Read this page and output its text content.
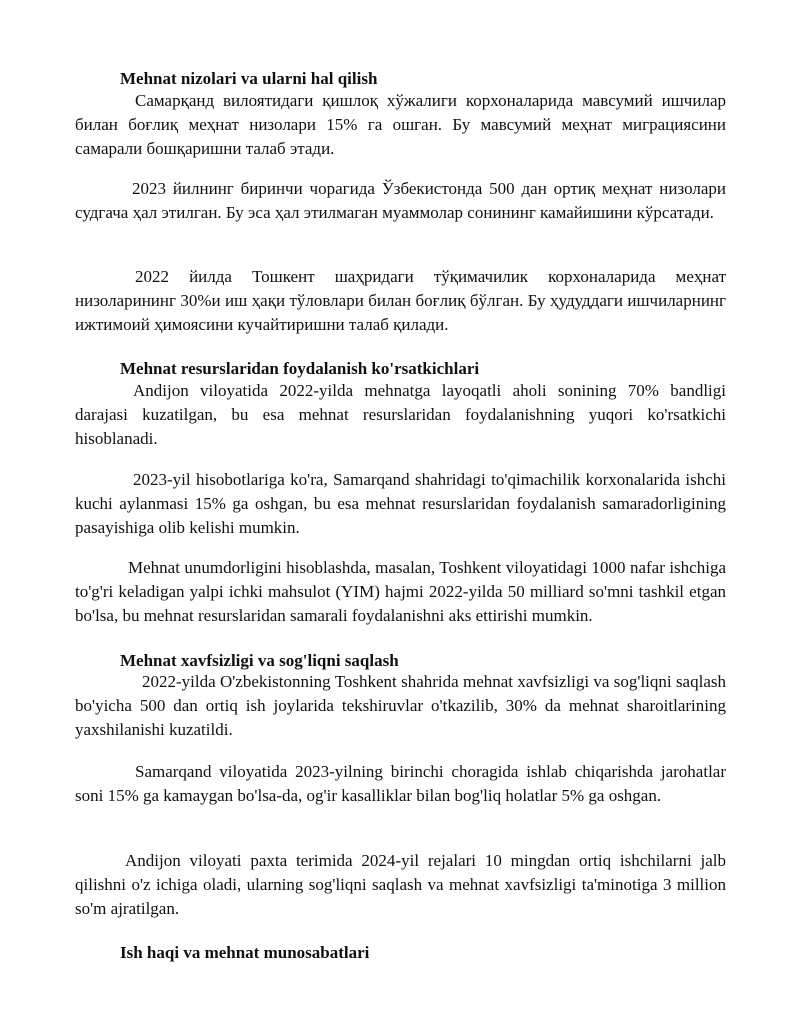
Mehnat nizolari va ularni hal qilish

Самарқанд вилоятидаги қишлоқ хўжалиги корхоналарида мавсумий ишчилар билан боғлиқ меҳнат низолари 15% га ошган. Бу мавсумий меҳнат миграциясини самарали бошқаришни талаб этади.

2023 йилнинг биринчи чорагида Ўзбекистонда 500 дан ортиқ меҳнат низолари судгача ҳал этилган. Бу эса ҳал этилмаган муаммолар сонининг камайишини кўрсатади.

2022 йилда Тошкент шаҳридаги тўқимачилик корхоналарида меҳнат низоларининг 30%и иш ҳақи тўловлари билан боғлиқ бўлган. Бу ҳудуддаги ишчиларнинг ижтимоий ҳимоясини кучайтиришни талаб қилади.

Mehnat resurslaridan foydalanish ko'rsatkichlari

Andijon viloyatida 2022-yilda mehnatga layoqatli aholi sonining 70% bandligi darajasi kuzatilgan, bu esa mehnat resurslaridan foydalanishning yuqori ko'rsatkichi hisoblanadi.

2023-yil hisobotlariga ko'ra, Samarqand shahridagi to'qimachilik korxonalarida ishchi kuchi aylanmasi 15% ga oshgan, bu esa mehnat resurslaridan foydalanish samaradorligining pasayishiga olib kelishi mumkin.

Mehnat unumdorligini hisoblashda, masalan, Toshkent viloyatidagi 1000 nafar ishchiga to'g'ri keladigan yalpi ichki mahsulot (YIM) hajmi 2022-yilda 50 milliard so'mni tashkil etgan bo'lsa, bu mehnat resurslaridan samarali foydalanishni aks ettirishi mumkin.

Mehnat xavfsizligi va sog'liqni saqlash

2022-yilda O'zbekistonning Toshkent shahrida mehnat xavfsizligi va sog'liqni saqlash bo'yicha 500 dan ortiq ish joylarida tekshiruvlar o'tkazilib, 30% da mehnat sharoitlarining yaxshilanishi kuzatildi.

Samarqand viloyatida 2023-yilning birinchi choragida ishlab chiqarishda jarohatlar soni 15% ga kamaygan bo'lsa-da, og'ir kasalliklar bilan bog'liq holatlar 5% ga oshgan.

Andijon viloyati paxta terimida 2024-yil rejalari 10 mingdan ortiq ishchilarni jalb qilishni o'z ichiga oladi, ularning sog'liqni saqlash va mehnat xavfsizligi ta'minotiga 3 million so'm ajratilgan.

Ish haqi va mehnat munosabatlari
